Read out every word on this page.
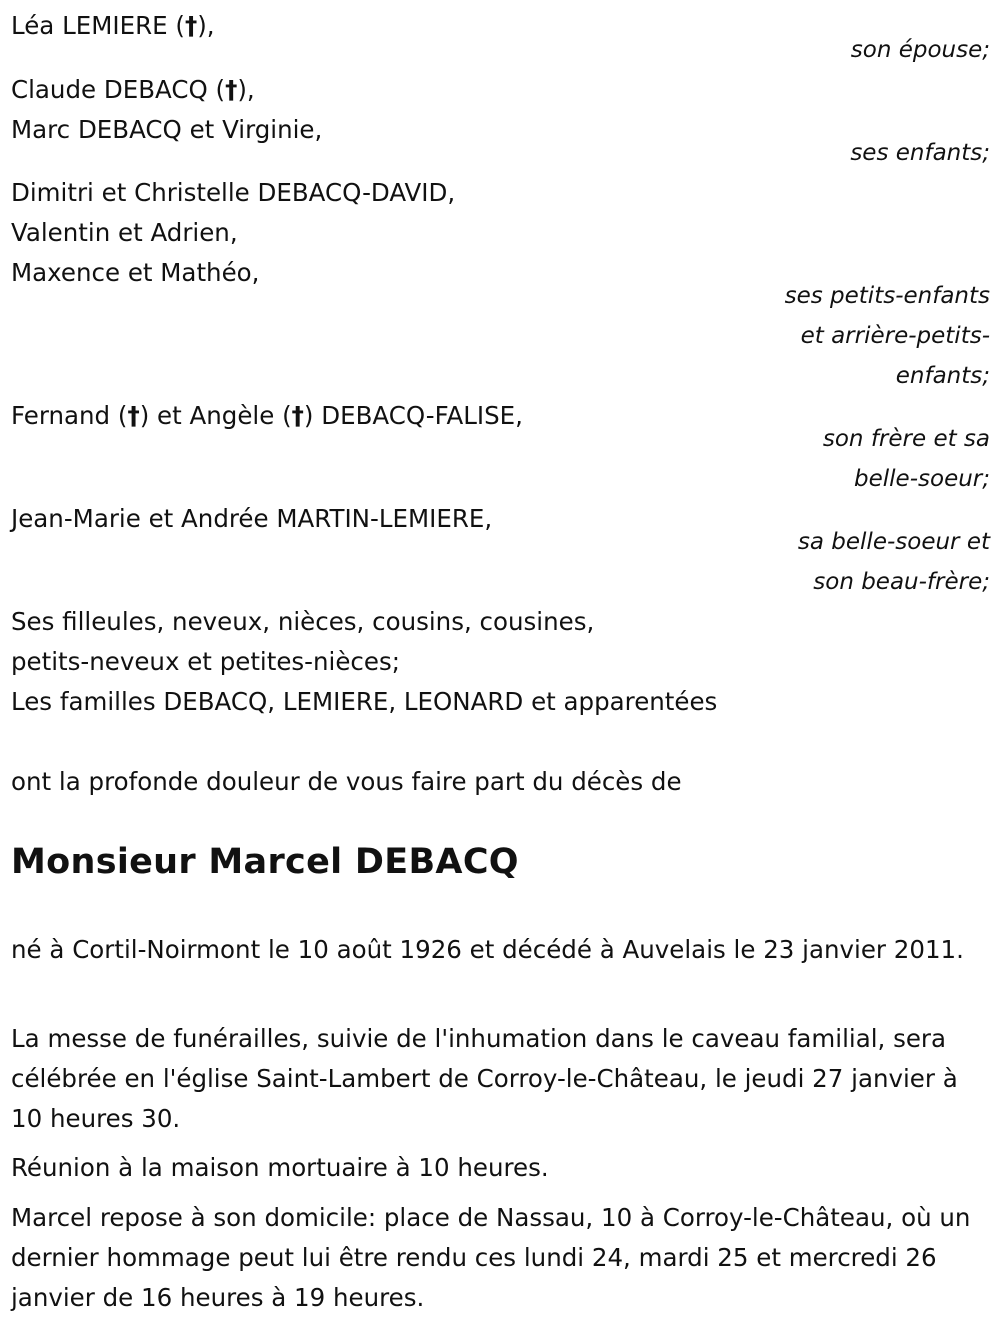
Léa LEMIERE (†),
son épouse;
Claude DEBACQ (†),
Marc DEBACQ et Virginie,
ses enfants;
Dimitri et Christelle DEBACQ-DAVID,
Valentin et Adrien,
Maxence et Mathéo,
ses petits-enfants
et arrière-petits-
enfants;
Fernand (†) et Angèle (†) DEBACQ-FALISE,
son frère et sa
belle-soeur;
Jean-Marie et Andrée MARTIN-LEMIERE,
sa belle-soeur et
son beau-frère;
Ses filleules, neveux, nièces, cousins, cousines,
petits-neveux et petites-nièces;
Les familles DEBACQ, LEMIERE, LEONARD et apparentées
ont la profonde douleur de vous faire part du décès de
Monsieur Marcel DEBACQ
né à Cortil-Noirmont le 10 août 1926 et décédé à Auvelais le 23 janvier 2011.
La messe de funérailles, suivie de l'inhumation dans le caveau familial, sera célébrée en l'église Saint-Lambert de Corroy-le-Château, le jeudi 27 janvier à 10 heures 30.
Réunion à la maison mortuaire à 10 heures.
Marcel repose à son domicile: place de Nassau, 10 à Corroy-le-Château, où un dernier hommage peut lui être rendu ces lundi 24, mardi 25 et mercredi 26 janvier de 16 heures à 19 heures.
